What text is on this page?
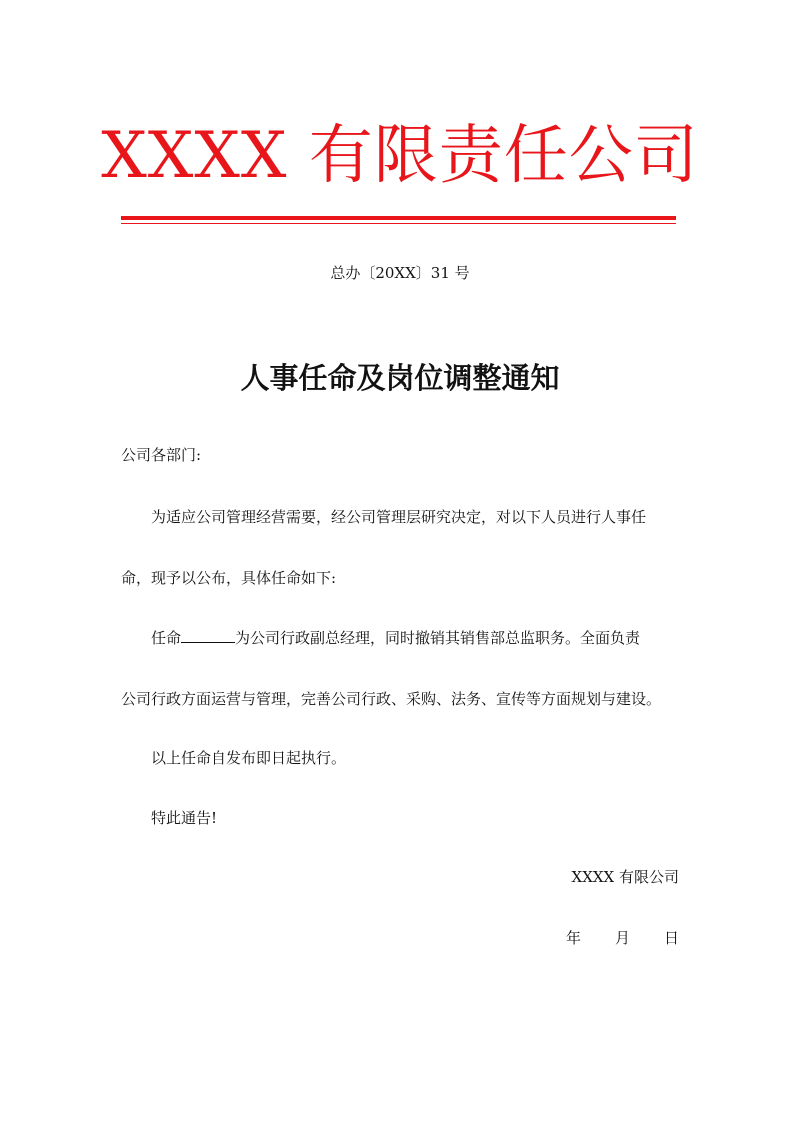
XXXX 有限责任公司
总办〔20XX〕31 号
人事任命及岗位调整通知
公司各部门:
为适应公司管理经营需要，经公司管理层研究决定，对以下人员进行人事任
命，现予以公布，具体任命如下:
任命	为公司行政副总经理，同时撤销其销售部总监职务。全面负责
公司行政方面运营与管理，完善公司行政、采购、法务、宣传等方面规划与建设。
以上任命自发布即日起执行。
特此通告!
XXXX 有限公司
年 月 日
